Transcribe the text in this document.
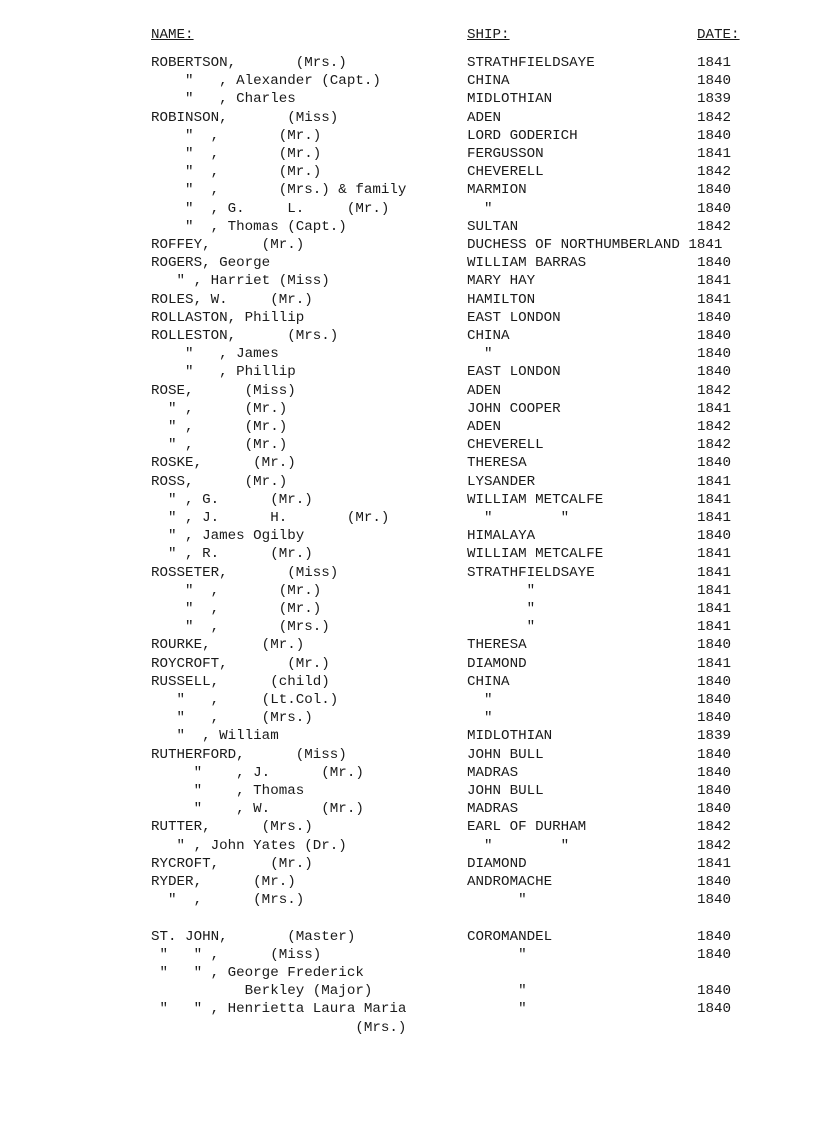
NAME:	SHIP:	DATE:
ROBERTSON,       (Mrs.)	STRATHFIELDSAYE	1841
"   , Alexander (Capt.)	CHINA	1840
"   , Charles	MIDLOTHIAN	1839
ROBINSON,       (Miss)	ADEN	1842
"  ,       (Mr.)	LORD GODERICH	1840
"  ,       (Mr.)	FERGUSSON	1841
"  ,       (Mr.)	CHEVERELL	1842
"  ,       (Mrs.) & family	MARMION	1840
"  , G.     L.     (Mr.)	"	1840
"  , Thomas (Capt.)	SULTAN	1842
ROFFEY,      (Mr.)	DUCHESS OF NORTHUMBERLAND 1841
ROGERS, George	WILLIAM BARRAS	1840
" , Harriet (Miss)	MARY HAY	1841
ROLES, W.     (Mr.)	HAMILTON	1841
ROLLASTON, Phillip	EAST LONDON	1840
ROLLESTON,      (Mrs.)	CHINA	1840
"   , James	"	1840
"   , Phillip	EAST LONDON	1840
ROSE,      (Miss)	ADEN	1842
" ,      (Mr.)	JOHN COOPER	1841
" ,      (Mr.)	ADEN	1842
" ,      (Mr.)	CHEVERELL	1842
ROSKE,      (Mr.)	THERESA	1840
ROSS,      (Mr.)	LYSANDER	1841
" , G.      (Mr.)	WILLIAM METCALFE	1841
" , J.      H.       (Mr.)	"        "	1841
" , James Ogilby	HIMALAYA	1840
" , R.      (Mr.)	WILLIAM METCALFE	1841
ROSSETER,       (Miss)	STRATHFIELDSAYE	1841
"  ,       (Mr.)	"	1841
"  ,       (Mr.)	"	1841
"  ,       (Mrs.)	"	1841
ROURKE,      (Mr.)	THERESA	1840
ROYCROFT,       (Mr.)	DIAMOND	1841
RUSSELL,      (child)	CHINA	1840
"   ,     (Lt.Col.)	"	1840
"   ,     (Mrs.)	"	1840
"  , William	MIDLOTHIAN	1839
RUTHERFORD,      (Miss)	JOHN BULL	1840
"    , J.      (Mr.)	MADRAS	1840
"    , Thomas	JOHN BULL	1840
"    , W.      (Mr.)	MADRAS	1840
RUTTER,      (Mrs.)	EARL OF DURHAM	1842
" , John Yates (Dr.)	"        "	1842
RYCROFT,      (Mr.)	DIAMOND	1841
RYDER,      (Mr.)	ANDROMACHE	1840
"  ,      (Mrs.)	"	1840
ST. JOHN,       (Master)	COROMANDEL	1840
"   " ,      (Miss)	"	1840
"   " , George Frederick
Berkley (Major)	"	1840
"   " , Henrietta Laura Maria	"	1840
(Mrs.)
